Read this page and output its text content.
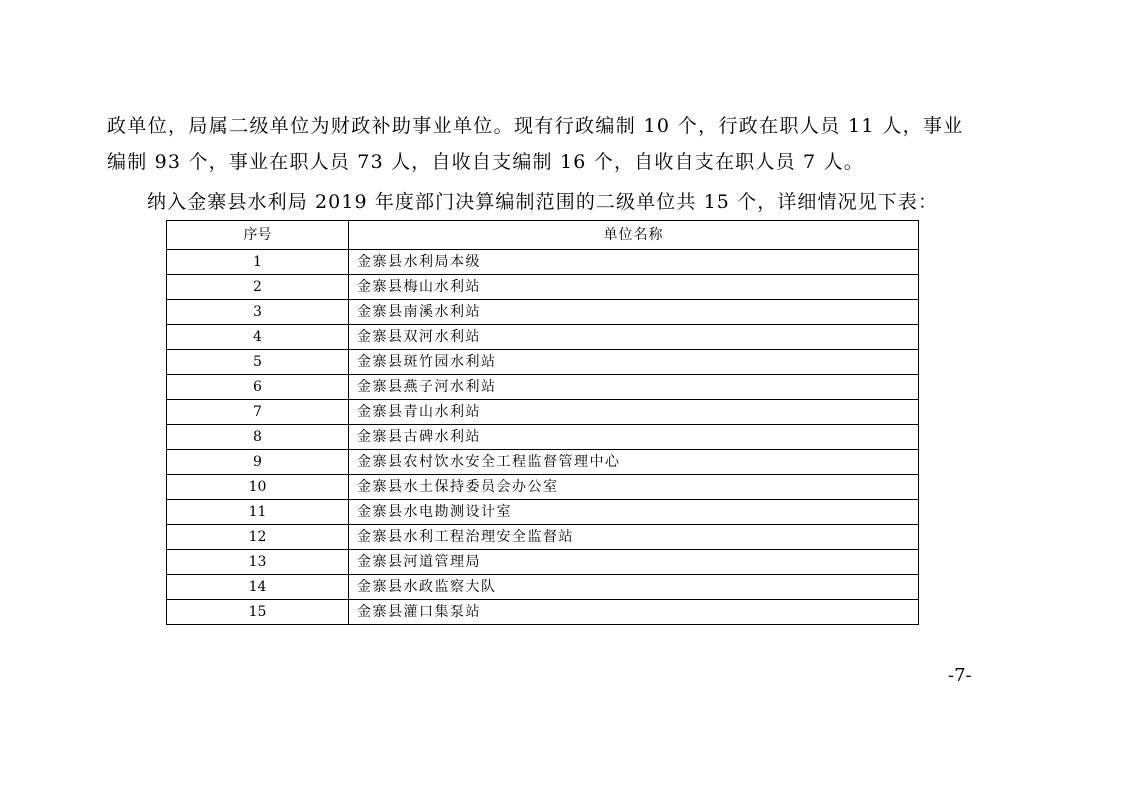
政单位，局属二级单位为财政补助事业单位。现有行政编制 10 个，行政在职人员 11 人，事业

编制 93 个，事业在职人员 73 人，自收自支编制 16 个，自收自支在职人员 7 人。

纳入金寨县水利局 2019 年度部门决算编制范围的二级单位共 15 个，详细情况见下表：

序号	单位名称
1	金寨县水利局本级
2	金寨县梅山水利站
3	金寨县南溪水利站
4	金寨县双河水利站
5	金寨县斑竹园水利站
6	金寨县燕子河水利站
7	金寨县青山水利站
8	金寨县古碑水利站
9	金寨县农村饮水安全工程监督管理中心
10	金寨县水土保持委员会办公室
11	金寨县水电勘测设计室
12	金寨县水利工程治理安全监督站
13	金寨县河道管理局
14	金寨县水政监察大队
15	金寨县灌口集泵站
-7-
